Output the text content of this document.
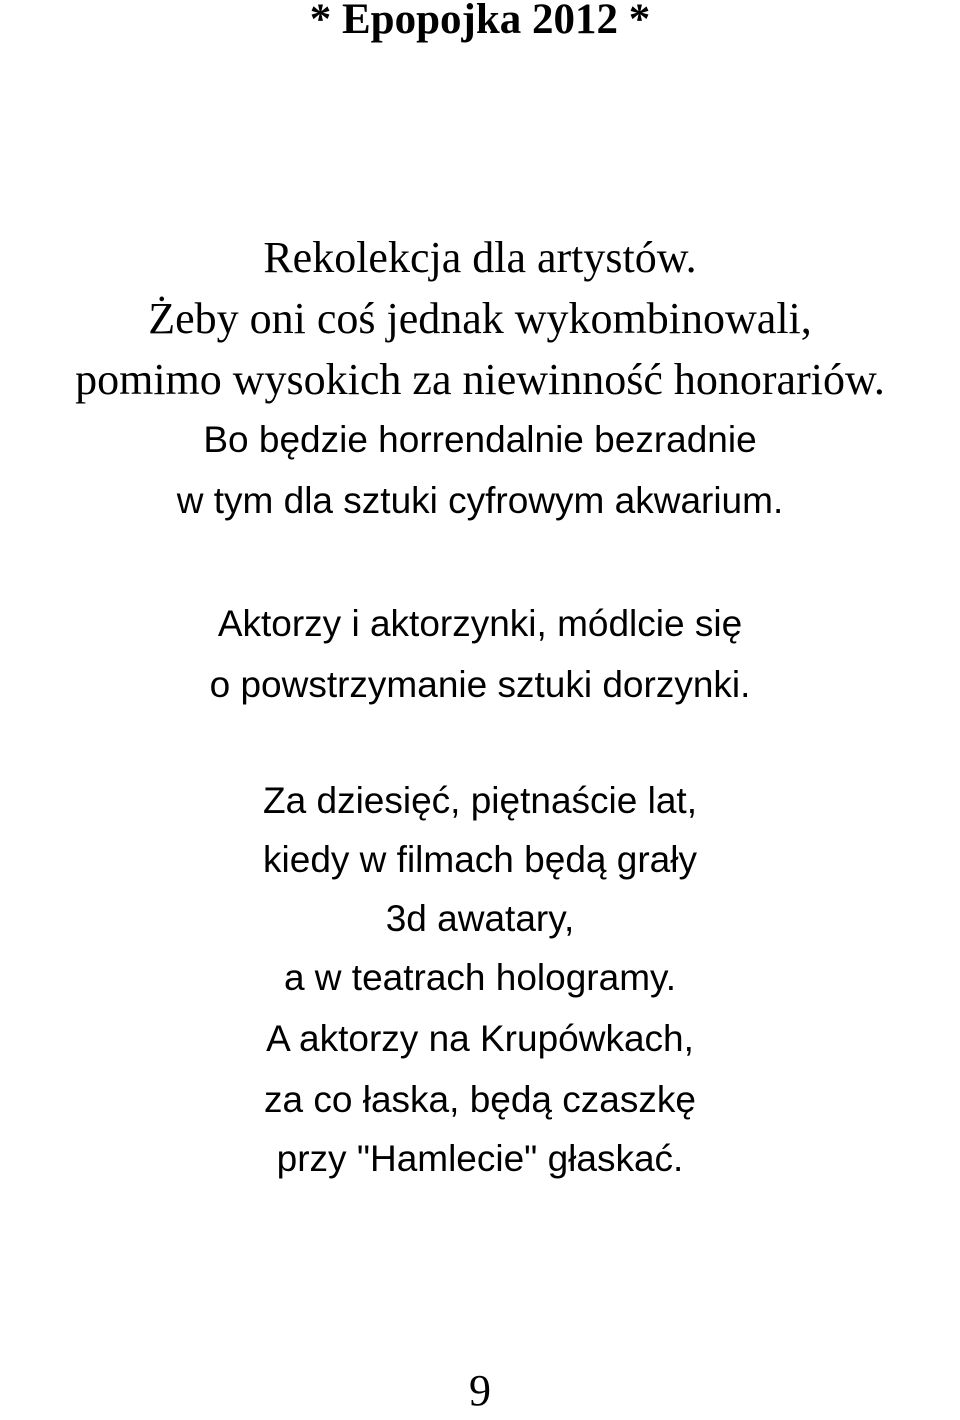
* Epopojka 2012 *

Rekolekcja dla artystów.

Żeby oni coś jednak wykombinowali,

pomimo wysokich za niewinność honorariów.

Bo będzie horrendalnie bezradnie

w tym dla sztuki cyfrowym akwarium.

Aktorzy i aktorzynki, módlcie się

o powstrzymanie sztuki dorzynki.

Za dziesięć, piętnaście lat,

kiedy w filmach będą grały

3d awatary,

a w teatrach hologramy.

A aktorzy na Krupówkach,

za co łaska, będą czaszkę

przy "Hamlecie" głaskać.

9
